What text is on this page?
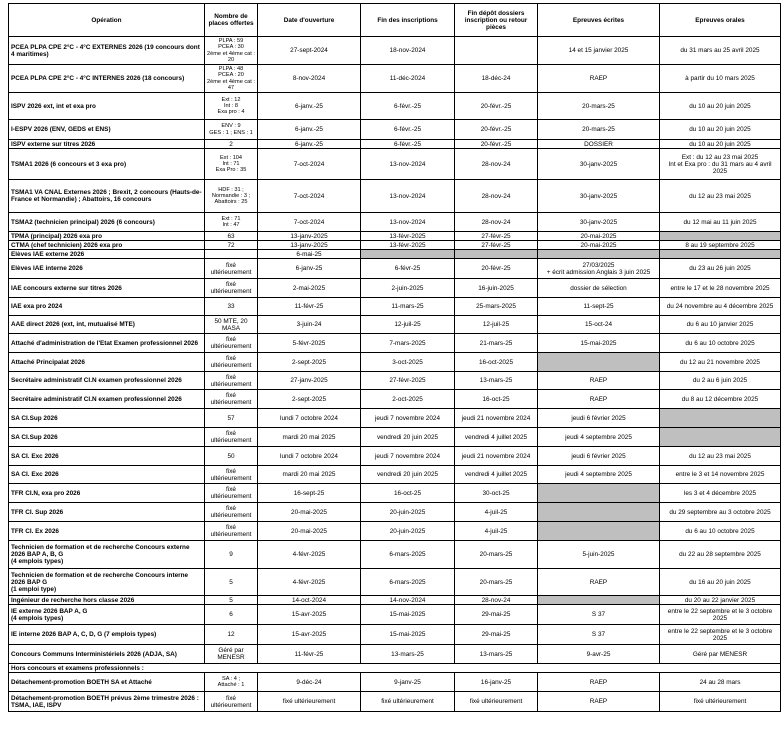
Opération	Nombre de places offertes	Date d'ouverture	Fin des inscriptions	Fin dépôt dossiers inscription ou retour pièces	Epreuves écrites	Epreuves orales
PCEA PLPA CPE 2°C - 4°C EXTERNES 2026 (19 concours dont 4 maritimes)	PLPA : 59
PCEA : 30
2ème et 4ème cat : 20	27-sept-2024	18-nov-2024		14 et 15 janvier 2025	du 31 mars au 25 avril 2025
PCEA PLPA CPE 2°C - 4°C INTERNES 2026 (18 concours)	PLPA : 48
PCEA : 20
2ème et 4ème cat : 47	8-nov-2024	11-déc-2024	18-déc-24	RAEP	à partir du 10 mars 2025
ISPV 2026 ext, int et exa pro	Ext : 12
Int : 8
Exa pro : 4	6-janv.-25	6-févr.-25	20-févr.-25	20-mars-25	du 10 au 20 juin 2025
I-ESPV 2026 (ENV, GEDS et ENS)	ENV : 9
GES : 1 ; ENS : 1	6-janv.-25	6-févr.-25	20-févr.-25	20-mars-25	du 10 au 20 juin 2025
ISPV externe sur titres 2026	2	6-janv.-25	6-févr.-25	20-févr.-25	DOSSIER	du 10 au 20 juin 2025
TSMA1 2026 (6 concours et 3 exa pro)	Ext : 104
Int : 71
Exa Pro : 35	7-oct-2024	13-nov-2024	28-nov-24	30-janv-2025	Ext : du 12 au 23 mai 2025
Int et Exa pro : du 31 mars au 4 avril 2025
TSMA1 VA CNAL Externes 2026 ; Brexit, 2 concours (Hauts-de-France et Normandie) ; Abattoirs, 16 concours	HDF : 31 ;
Normandie : 3 ;
Abattoirs : 25	7-oct-2024	13-nov-2024	28-nov-24	30-janv-2025	du 12 au 23 mai 2025
TSMA2 (technicien principal) 2026 (6 concours)	Ext : 71
Int : 47	7-oct-2024	13-nov-2024	28-nov-24	30-janv-2025	du 12 mai au 11 juin 2025
TPMA (principal) 2026 exa pro	63	13-janv-2025	13-févr-2025	27-févr-25	20-mai-2025	
CTMA (chef technicien) 2026 exa pro	72	13-janv-2025	13-févr-2025	27-févr-25	20-mai-2025	8 au 19 septembre 2025
Elèves IAE externe 2026		6-mai-25				
Elèves IAE interne 2026	fixé ultérieurement	6-janv-25	6-févr-25	20-févr-25	27/03/2025
+ écrit admission Anglais 3 juin 2025	du 23 au 26 juin 2025
IAE concours externe sur titres 2026	fixé ultérieurement	2-mai-2025	2-juin-2025	16-juin-2025	dossier de sélection	entre le 17 et le 28 novembre 2025
IAE exa pro 2024	33	11-févr-25	11-mars-25	25-mars-2025	11-sept-25	du 24 novembre au 4 décembre 2025
AAE direct 2026 (ext, int, mutualisé MTE)	50 MTE, 20 MASA	3-juin-24	12-juil-25	12-juil-25	15-oct-24	du 6 au 10 janvier 2025
Attaché d'administration de l'Etat Examen professionnel 2026	fixé ultérieurement	5-févr-2025	7-mars-2025	21-mars-25	15-mai-2025	du 6 au 10 octobre 2025
Attaché Principalat 2026	fixé ultérieurement	2-sept-2025	3-oct-2025	16-oct-2025		du 12 au 21 novembre 2025
Secrétaire administratif CI.N examen professionnel 2026	fixé ultérieurement	27-janv-2025	27-févr-2025	13-mars-25	RAEP	du 2 au 6 juin 2025
Secrétaire administratif CI.N examen professionnel 2026	fixé ultérieurement	2-sept-2025	2-oct-2025	16-oct-25	RAEP	du 8 au 12 décembre 2025
SA CI.Sup 2026	57	lundi 7 octobre 2024	jeudi 7 novembre 2024	jeudi 21 novembre 2024	jeudi 6 février 2025	
SA CI.Sup 2026	fixé ultérieurement	mardi 20 mai 2025	vendredi 20 juin 2025	vendredi 4 juillet 2025	jeudi 4 septembre 2025	
SA CI. Exc 2026	50	lundi 7 octobre 2024	jeudi 7 novembre 2024	jeudi 21 novembre 2024	jeudi 6 février 2025	du 12 au 23 mai 2025
SA CI. Exc 2026	fixé ultérieurement	mardi 20 mai 2025	vendredi 20 juin 2025	vendredi 4 juillet 2025	jeudi 4 septembre 2025	entre le 3 et 14 novembre 2025
TFR CI.N, exa pro 2026	fixé ultérieurement	16-sept-25	16-oct-25	30-oct-25		les 3 et 4 décembre 2025
TFR CI. Sup 2026	fixé ultérieurement	20-mai-2025	20-juin-2025	4-juil-25		du 29 septembre au 3 octobre 2025
TFR CI. Ex 2026	fixé ultérieurement	20-mai-2025	20-juin-2025	4-juil-25		du 6 au 10 octobre 2025
Technicien de formation et de recherche Concours externe 2026 BAP A, B, G
(4 emplois types)	9	4-févr-2025	6-mars-2025	20-mars-25	5-juin-2025	du 22 au 28 septembre 2025
Technicien de formation et de recherche Concours interne 2026 BAP G
(1 emploi type)	5	4-févr-2025	6-mars-2025	20-mars-25	RAEP	du 16 au 20 juin 2025
Ingénieur de recherche hors classe 2026	5	14-oct-2024	14-nov-2024	28-nov-24		du 20 au 22 janvier 2025
IE externe 2026 BAP A, G
(4 emplois types)	6	15-avr-2025	15-mai-2025	29-mai-25	S 37	entre le 22 septembre et le 3 octobre 2025
IE interne 2026 BAP A, C, D, G (7 emplois types)	12	15-avr-2025	15-mai-2025	29-mai-25	S 37	entre le 22 septembre et le 3 octobre 2025
Concours Communs Interministériels 2026 (ADJA, SA)	Géré par MENESR	11-févr-25	13-mars-25	13-mars-25	9-avr-25	Géré par MENESR
Hors concours et examens professionnels :						
Détachement-promotion BOETH SA et Attaché	SA : 4 ;
Attaché : 1	9-déc-24	9-janv-25	16-janv-25	RAEP	24 au 28 mars
Détachement-promotion BOETH prévus 2ème trimestre 2026 : TSMA, IAE, ISPV	fixé ultérieurement	fixé ultérieurement	fixé ultérieurement	fixé ultérieurement	RAEP	fixé ultérieurement
